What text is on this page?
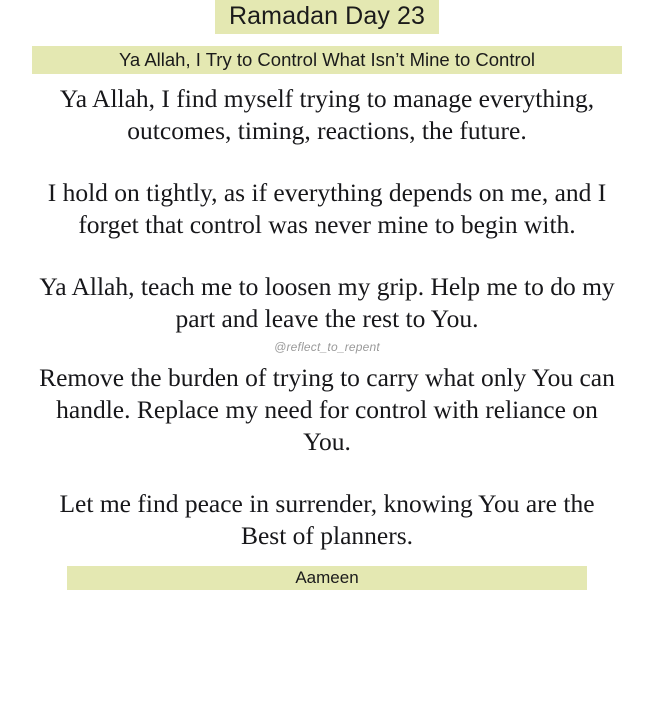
Ramadan Day 23
Ya Allah, I Try to Control What Isn’t Mine to Control

Ya Allah, I find myself trying to manage everything, outcomes, timing, reactions, the future.

I hold on tightly, as if everything depends on me, and I forget that control was never mine to begin with.

Ya Allah, teach me to loosen my grip. Help me to do my part and leave the rest to You.

@reflect_to_repent

Remove the burden of trying to carry what only You can handle. Replace my need for control with reliance on You.

Let me find peace in surrender, knowing You are the Best of planners.

Aameen
